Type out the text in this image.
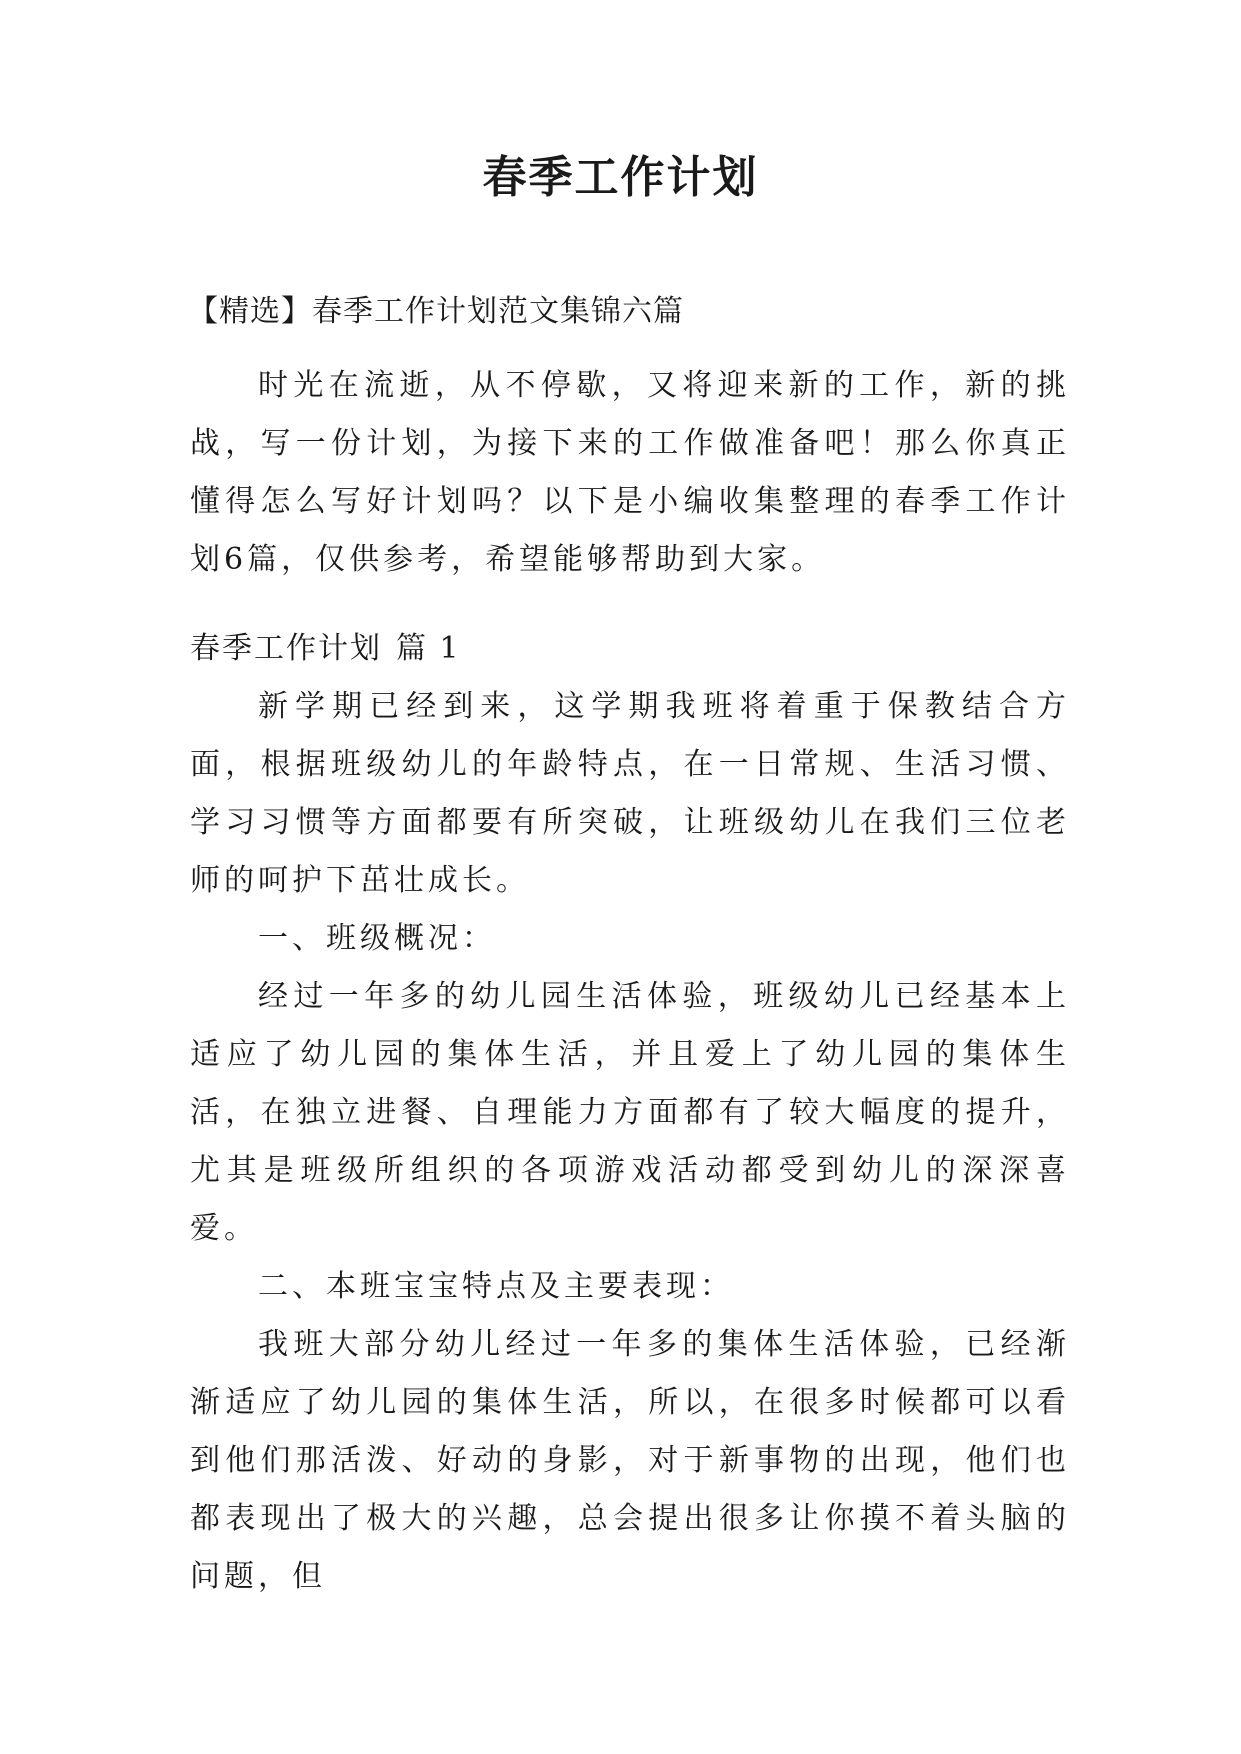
春季工作计划
【精选】春季工作计划范文集锦六篇

时光在流逝，从不停歇，又将迎来新的工作，新的挑战，写一份计划，为接下来的工作做准备吧！那么你真正懂得怎么写好计划吗？以下是小编收集整理的春季工作计划6篇，仅供参考，希望能够帮助到大家。

春季工作计划 篇 1

新学期已经到来，这学期我班将着重于保教结合方面，根据班级幼儿的年龄特点，在一日常规、生活习惯、学习习惯等方面都要有所突破，让班级幼儿在我们三位老师的呵护下茁壮成长。

一、班级概况：

经过一年多的幼儿园生活体验，班级幼儿已经基本上适应了幼儿园的集体生活，并且爱上了幼儿园的集体生活，在独立进餐、自理能力方面都有了较大幅度的提升，尤其是班级所组织的各项游戏活动都受到幼儿的深深喜爱。

二、本班宝宝特点及主要表现：

我班大部分幼儿经过一年多的集体生活体验，已经渐渐适应了幼儿园的集体生活，所以，在很多时候都可以看到他们那活泼、好动的身影，对于新事物的出现，他们也都表现出了极大的兴趣，总会提出很多让你摸不着头脑的问题，但
